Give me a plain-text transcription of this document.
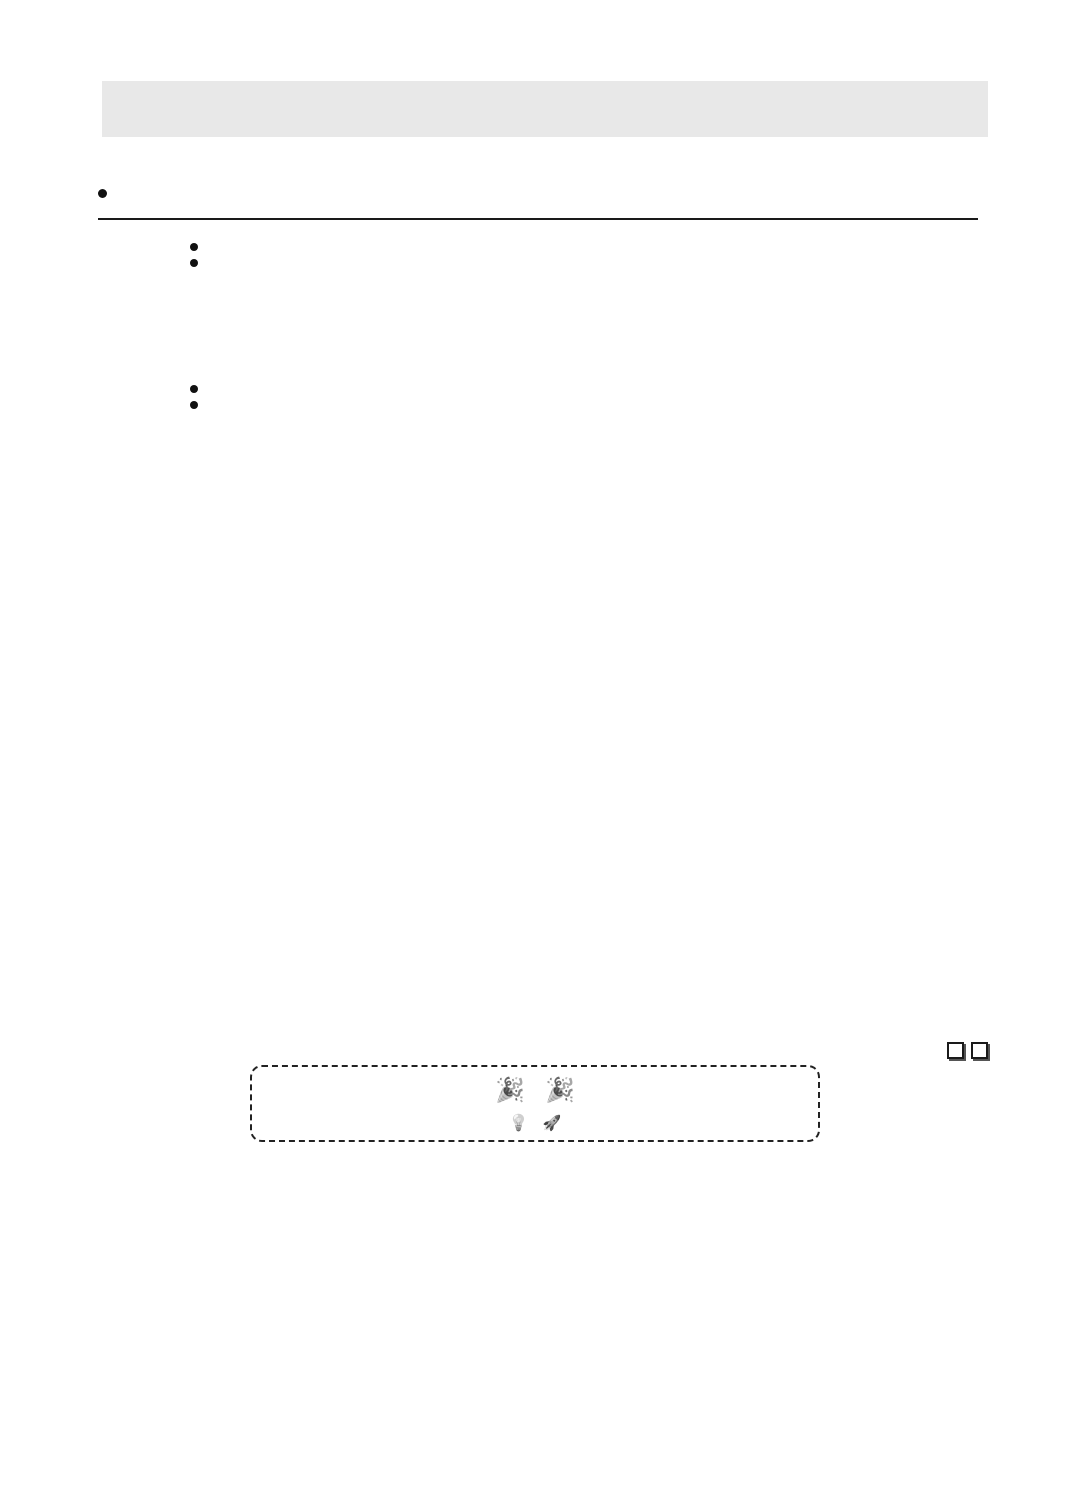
🎉 🎉
💡 🚀
